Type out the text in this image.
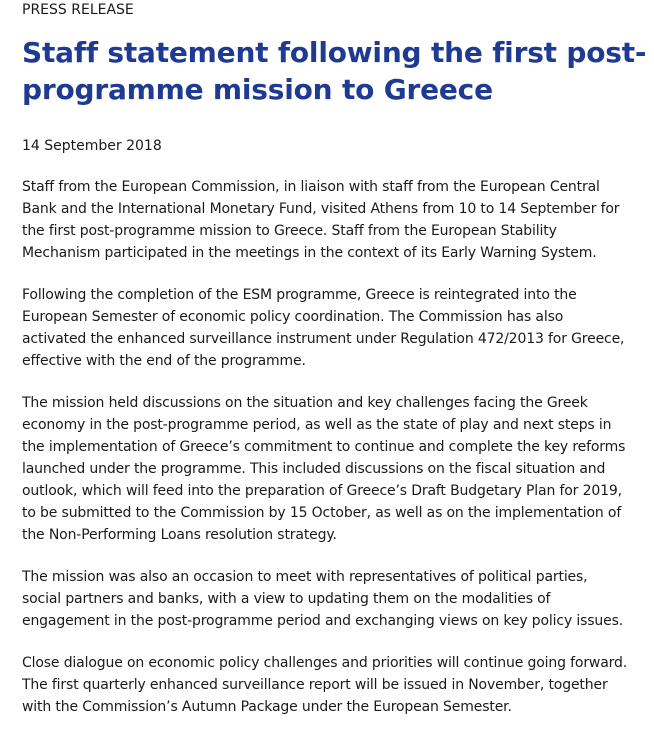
PRESS RELEASE
Staff statement following the first post-
programme mission to Greece
14 September 2018

Staff from the European Commission, in liaison with staff from the European Central
Bank and the International Monetary Fund, visited Athens from 10 to 14 September for
the first post-programme mission to Greece. Staff from the European Stability
Mechanism participated in the meetings in the context of its Early Warning System.

Following the completion of the ESM programme, Greece is reintegrated into the
European Semester of economic policy coordination. The Commission has also
activated the enhanced surveillance instrument under Regulation 472/2013 for Greece,
effective with the end of the programme.

The mission held discussions on the situation and key challenges facing the Greek
economy in the post-programme period, as well as the state of play and next steps in
the implementation of Greece’s commitment to continue and complete the key reforms
launched under the programme. This included discussions on the fiscal situation and
outlook, which will feed into the preparation of Greece’s Draft Budgetary Plan for 2019,
to be submitted to the Commission by 15 October, as well as on the implementation of
the Non-Performing Loans resolution strategy.

The mission was also an occasion to meet with representatives of political parties,
social partners and banks, with a view to updating them on the modalities of
engagement in the post-programme period and exchanging views on key policy issues.

Close dialogue on economic policy challenges and priorities will continue going forward.
The first quarterly enhanced surveillance report will be issued in November, together
with the Commission’s Autumn Package under the European Semester.
